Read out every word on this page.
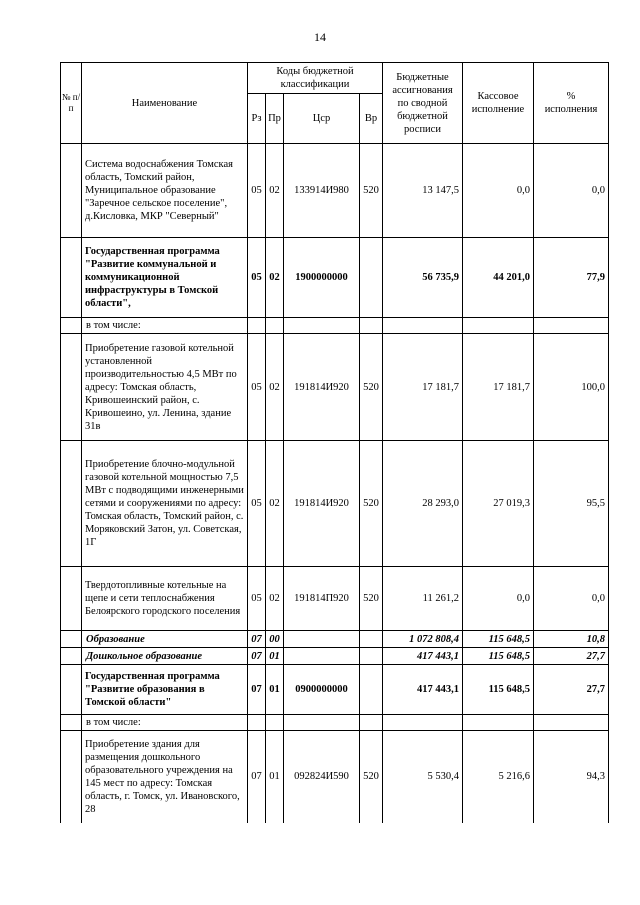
14
№ п/п	Наименование	Коды бюджетной классификации				Бюджетные ассигнования по сводной бюджетной росписи	Кассовое исполнение	% исполнения
		Рз	Пр	Цср	Вр			
	Система водоснабжения Томская область, Томский район, Муниципальное образование "Заречное сельское поселение", д.Кисловка, МКР "Северный"	05	02	133914И980	520	13 147,5	0,0	0,0
	Государственная программа "Развитие коммунальной и коммуникационной инфраструктуры в Томской области",	05	02	1900000000		56 735,9	44 201,0	77,9
	в том числе:							
	Приобретение газовой котельной установленной производительностью 4,5 МВт по адресу: Томская область, Кривошеинский район, с. Кривошеино, ул. Ленина, здание 31в	05	02	191814И920	520	17 181,7	17 181,7	100,0
	Приобретение блочно-модульной газовой котельной мощностью 7,5 МВт с подводящими инженерными сетями и сооружениями по адресу: Томская область, Томский район, с. Моряковский Затон, ул. Советская, 1Г	05	02	191814И920	520	28 293,0	27 019,3	95,5
	Твердотопливные котельные на щепе и сети теплоснабжения Белоярского городского поселения	05	02	191814П920	520	11 261,2	0,0	0,0
	Образование	07	00			1 072 808,4	115 648,5	10,8
	Дошкольное образование	07	01			417 443,1	115 648,5	27,7
	Государственная программа "Развитие образования в Томской области"	07	01	0900000000		417 443,1	115 648,5	27,7
	в том числе:							
	Приобретение здания для размещения дошкольного образовательного учреждения на 145 мест по адресу: Томская область, г. Томск, ул. Ивановского, 28	07	01	092824И590	520	5 530,4	5 216,6	94,3
